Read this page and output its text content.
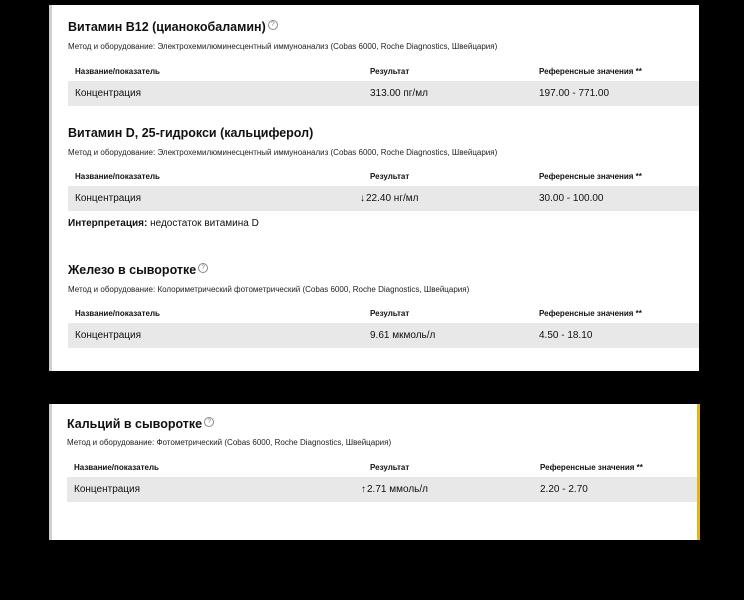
Витамин B12 (цианокобаламин) ?
Метод и оборудование: Электрохемилюминесцентный иммуноанализ (Cobas 6000, Roche Diagnostics, Швейцария)
Название/показатель	Результат	Референсные значения **
Концентрация	313.00 пг/мл	197.00 - 771.00
Витамин D, 25-гидрокси (кальциферол)
Метод и оборудование: Электрохемилюминесцентный иммуноанализ (Cobas 6000, Roche Diagnostics, Швейцария)
Название/показатель	Результат	Референсные значения **
Концентрация	↓22.40 нг/мл	30.00 - 100.00
Интерпретация: недостаток витамина D
Железо в сыворотке ?
Метод и оборудование: Колориметрический фотометрический (Cobas 6000, Roche Diagnostics, Швейцария)
Название/показатель	Результат	Референсные значения **
Концентрация	9.61 мкмоль/л	4.50 - 18.10
Кальций в сыворотке ?
Метод и оборудование: Фотометрический (Cobas 6000, Roche Diagnostics, Швейцария)
Название/показатель	Результат	Референсные значения **
Концентрация	↑2.71 ммоль/л	2.20 - 2.70
